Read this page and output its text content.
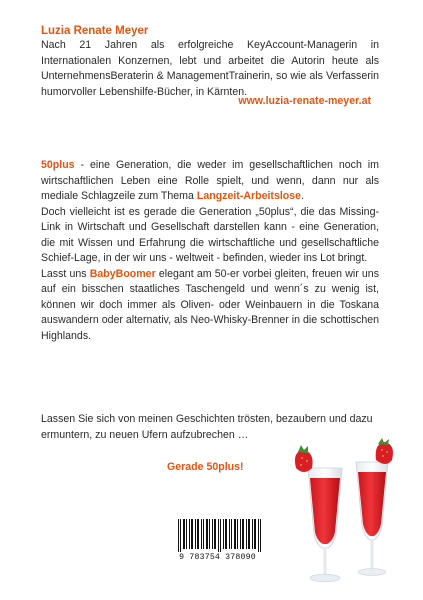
Luzia Renate Meyer

Nach 21 Jahren als erfolgreiche KeyAccount-Managerin in Internationalen Konzernen, lebt und arbeitet die Autorin heute als UnternehmensBeraterin & ManagementTrainerin, so wie als Verfasserin humorvoller Lebenshilfe-Bücher, in Kärnten.

www.luzia-renate-meyer.at

50plus - eine Generation, die weder im gesellschaftlichen noch im wirtschaftlichen Leben eine Rolle spielt, und wenn, dann nur als mediale Schlagzeile zum Thema Langzeit-Arbeitslose.

Doch vielleicht ist es gerade die Generation „50plus“, die das Missing-Link in Wirtschaft und Gesellschaft darstellen kann - eine Generation, die mit Wissen und Erfahrung die wirtschaftliche und gesellschaftliche Schief-Lage, in der wir uns - weltweit - befinden, wieder ins Lot bringt.

Lasst uns BabyBoomer elegant am 50-er vorbei gleiten, freuen wir uns auf ein bisschen staatliches Taschengeld und wenn´s zu wenig ist, können wir doch immer als Oliven- oder Weinbauern in die Toskana auswandern oder alternativ, als Neo-Whisky-Brenner in die schottischen Highlands.

Lassen Sie sich von meinen Geschichten trösten, bezaubern und dazu ermuntern, zu neuen Ufern aufzubrechen …

Gerade 50plus!
9 783754 378090
